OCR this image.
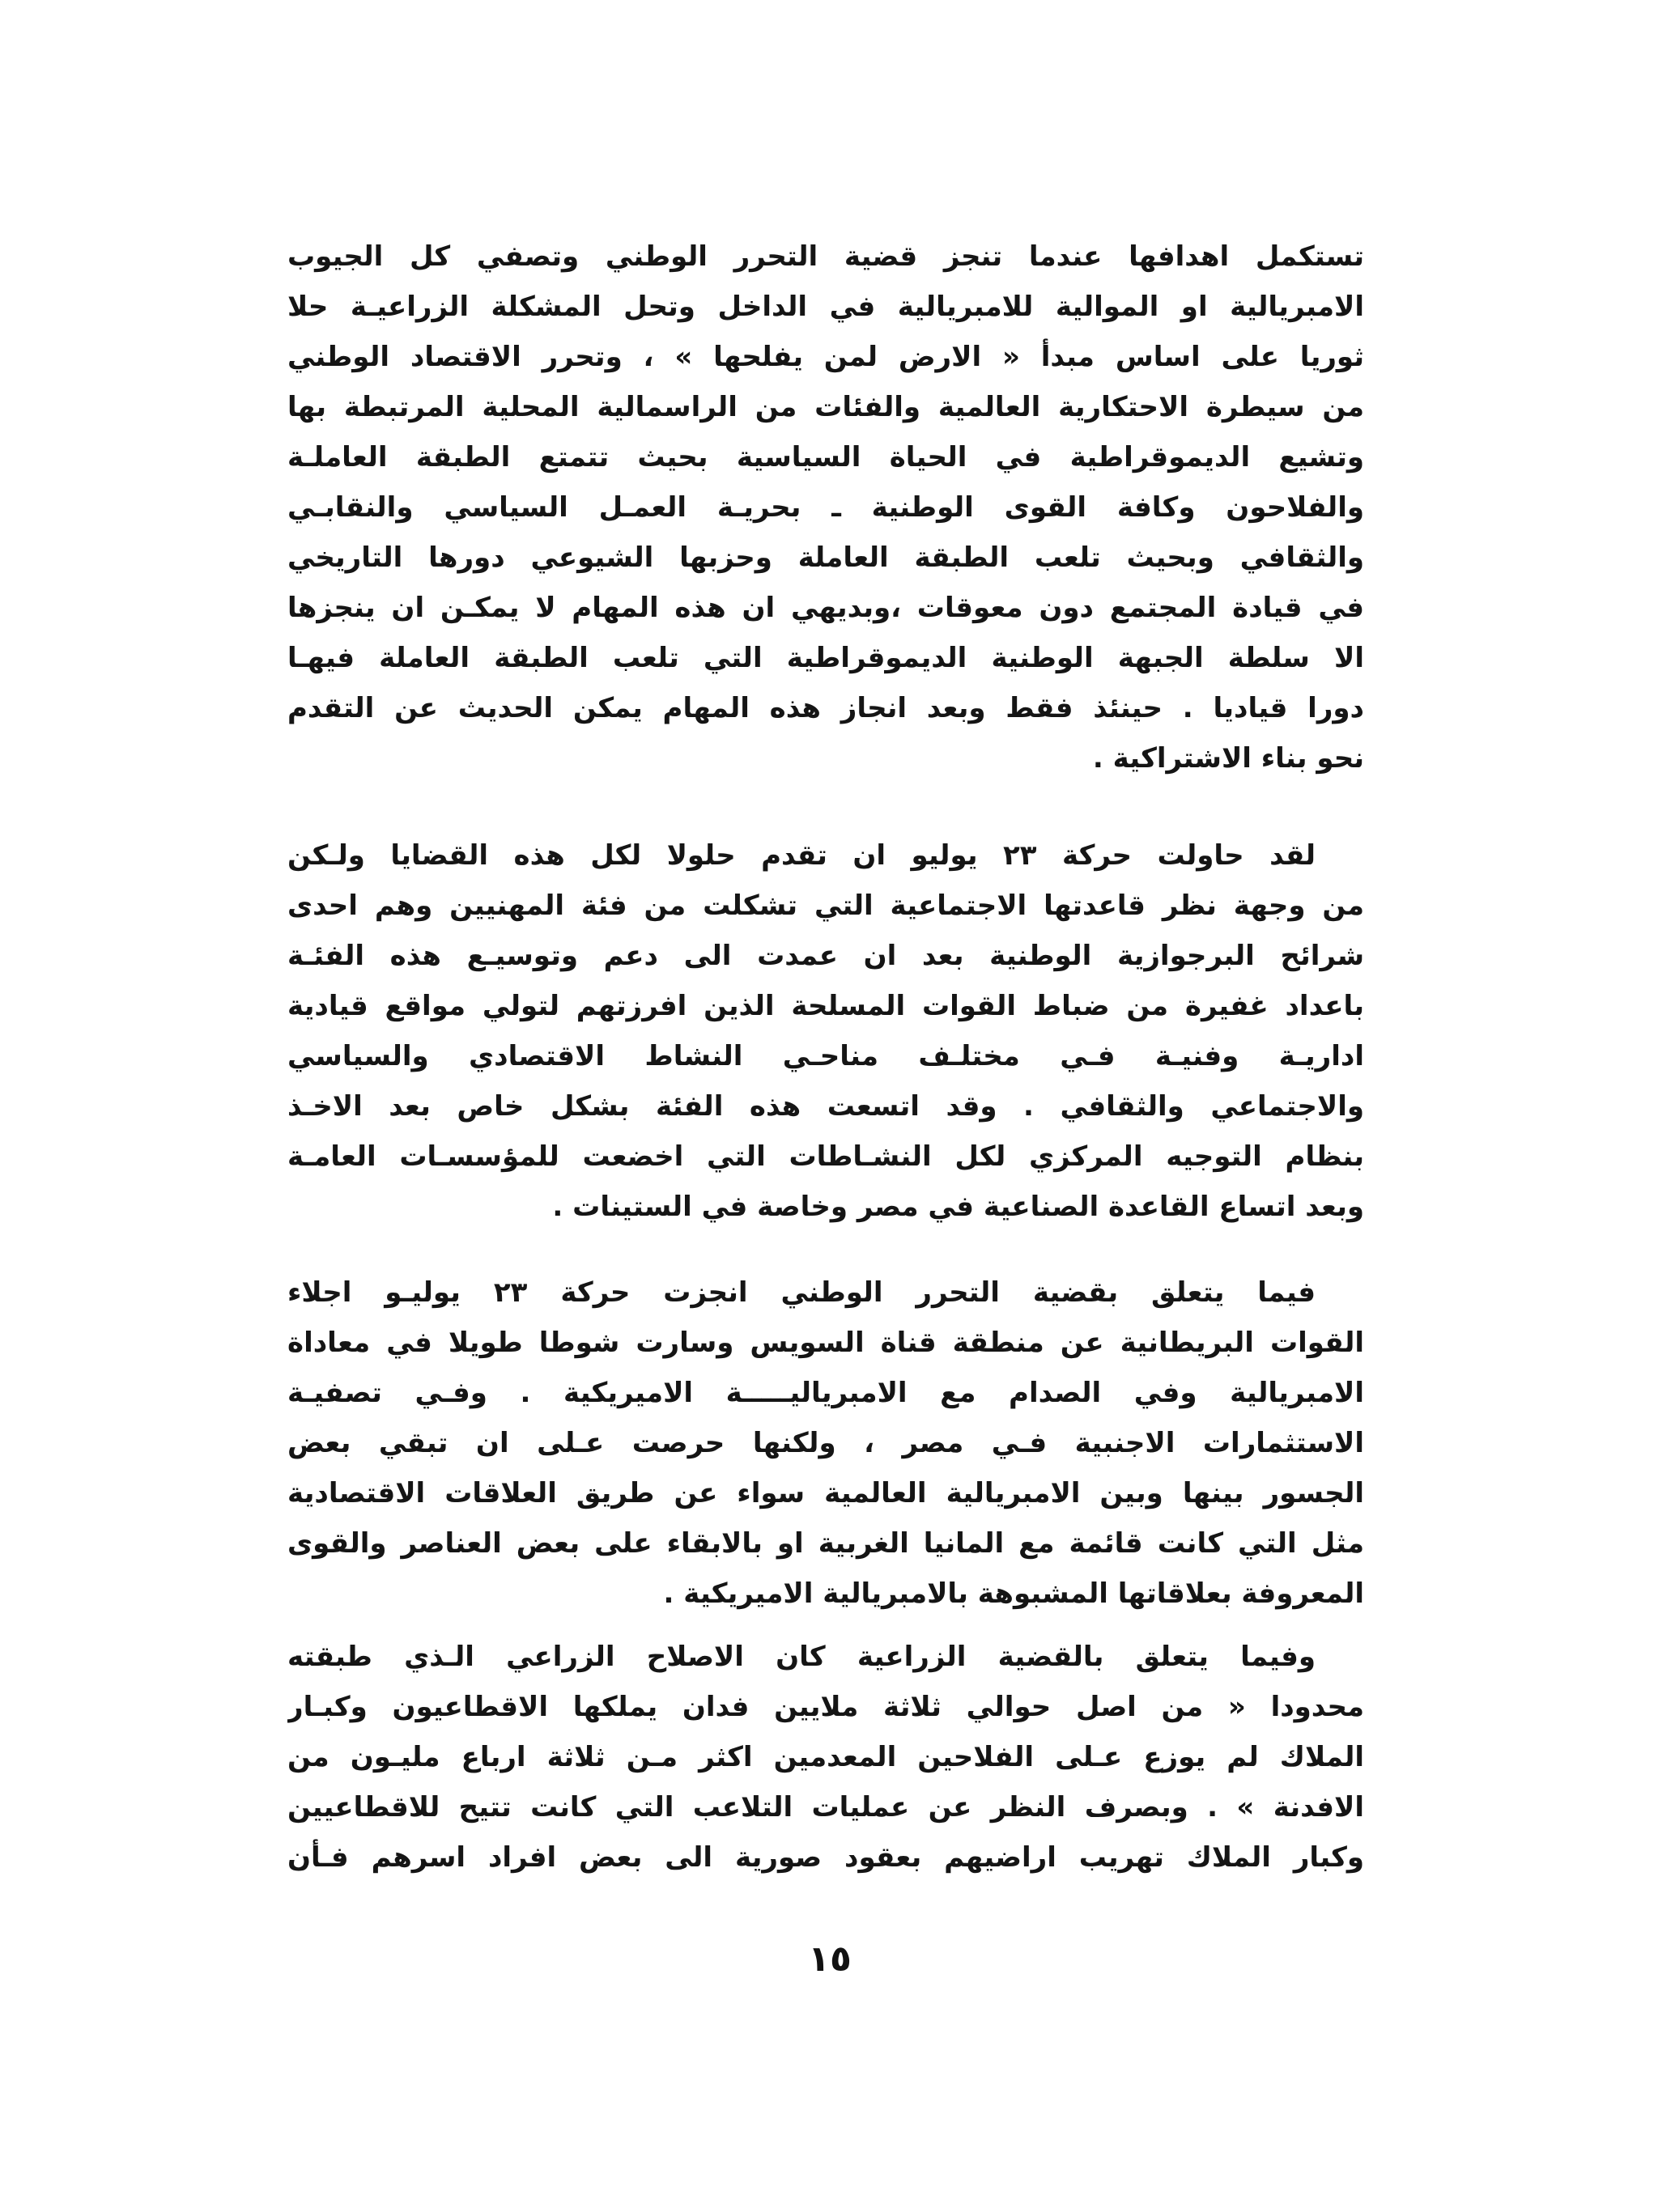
تستكمل اهدافها عندما تنجز قضية التحرر الوطني وتصفي كل الجيوب
الامبريالية او الموالية للامبريالية في الداخل وتحل المشكلة الزراعيـة حلا
ثوريا على اساس مبدأ « الارض لمن يفلحها » ، وتحرر الاقتصاد الوطني
من سيطرة الاحتكارية العالمية والفئات من الراسمالية المحلية المرتبطة بها
وتشيع الديموقراطية في الحياة السياسية بحيث تتمتع الطبقة العاملـة
والفلاحون وكافة القوى الوطنية ـ بحريـة العمـل السياسي والنقابـي
والثقافي وبحيث تلعب الطبقة العاملة وحزبها الشيوعي دورها التاريخي
في قيادة المجتمع دون معوقات ،وبديهي ان هذه المهام لا يمكـن ان ينجزها
الا سلطة الجبهة الوطنية الديموقراطية التي تلعب الطبقة العاملة فيهـا
دورا قياديا . حينئذ فقط وبعد انجاز هذه المهام يمكن الحديث عن التقدم
نحو بناء الاشتراكية .
لقد حاولت حركة ٢٣ يوليو ان تقدم حلولا لكل هذه القضايا ولـكن
من وجهة نظر قاعدتها الاجتماعية التي تشكلت من فئة المهنيين وهم احدى
شرائح البرجوازية الوطنية بعد ان عمدت الى دعم وتوسيـع هذه الفئـة
باعداد غفيرة من ضباط القوات المسلحة الذين افرزتهم لتولي مواقع قيادية
اداريـة وفنيـة فـي مختلـف مناحـي النشاط الاقتصادي والسياسي
والاجتماعي والثقافي . وقد اتسعت هذه الفئة بشكل خاص بعد الاخـذ
بنظام التوجيه المركزي لكل النشـاطات التي اخضعت للمؤسسـات العامـة
وبعد اتساع القاعدة الصناعية في مصر وخاصة في الستينات .
فيما يتعلق بقضية التحرر الوطني انجزت حركة ٢٣ يوليـو اجلاء
القوات البريطانية عن منطقة قناة السويس وسارت شوطا طويلا في معاداة
الامبريالية وفي الصدام مع الامبرياليـــــة الاميريكية . وفـي تصفيـة
الاستثمارات الاجنبية فـي مصر ، ولكنها حرصت عـلى ان تبقي بعض
الجسور بينها وبين الامبريالية العالمية سواء عن طريق العلاقات الاقتصادية
مثل التي كانت قائمة مع المانيا الغربية او بالابقاء على بعض العناصر والقوى
المعروفة بعلاقاتها المشبوهة بالامبريالية الاميريكية .
وفيما يتعلق بالقضية الزراعية كان الاصلاح الزراعي الـذي طبقته
محدودا « من اصل حوالي ثلاثة ملايين فدان يملكها الاقطاعيون وكبـار
الملاك لم يوزع عـلى الفلاحين المعدمين اكثر مـن ثلاثة ارباع مليـون من
الافدنة » . وبصرف النظر عن عمليات التلاعب التي كانت تتيح للاقطاعيين
وكبار الملاك تهريب اراضيهم بعقود صورية الى بعض افراد اسرهم فـأن
١٥
